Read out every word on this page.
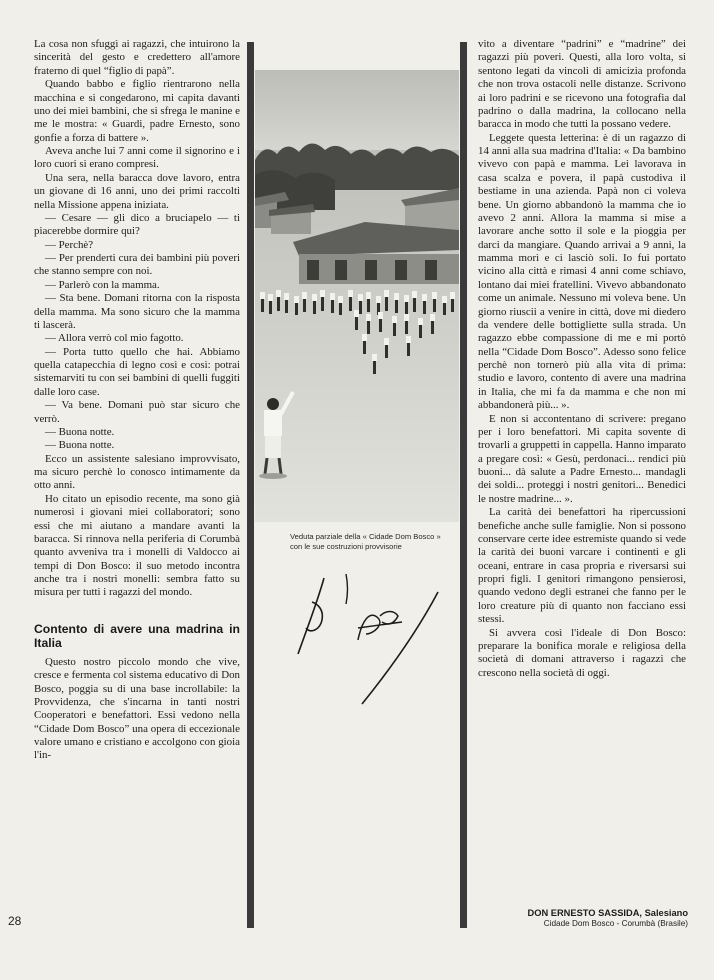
La cosa non sfuggì ai ragazzi, che intuirono la sincerità del gesto e credettero all'amore fraterno di quel “figlio di papà”.

Quando babbo e figlio rientrarono nella macchina e si congedarono, mi capita davanti uno dei miei bambini, che si sfrega le manine e me le mostra: « Guardi, padre Ernesto, sono gonfie a forza di battere ».

Aveva anche lui 7 anni come il signorino e i loro cuori si erano compresi.

Una sera, nella baracca dove lavoro, entra un giovane di 16 anni, uno dei primi raccolti nella Missione appena iniziata.

— Cesare — gli dico a bruciapelo — ti piacerebbe dormire qui?

— Perchè?

— Per prenderti cura dei bambini più poveri che stanno sempre con noi.

— Parlerò con la mamma.

— Sta bene. Domani ritorna con la risposta della mamma. Ma sono sicuro che la mamma ti lascerà.

— Allora verrò col mio fagotto.

— Porta tutto quello che hai. Abbiamo quella catapecchia di legno così e così: potrai sistemarviti tu con sei bambini di quelli fuggiti dalle loro case.

— Va bene. Domani può star sicuro che verrò.

— Buona notte.

— Buona notte.

Ecco un assistente salesiano improvvisato, ma sicuro perchè lo conosco intimamente da otto anni.

Ho citato un episodio recente, ma sono già numerosi i giovani miei collaboratori; sono essi che mi aiutano a mandare avanti la baracca. Si rinnova nella periferia di Corumbà quanto avveniva tra i monelli di Valdocco ai tempi di Don Bosco: il suo metodo incontra anche tra i nostri monelli: sembra fatto su misura per tutti i ragazzi del mondo.

Contento di avere una madrina in Italia

Questo nostro piccolo mondo che vive, cresce e fermenta col sistema educativo di Don Bosco, poggia su di una base incrollabile: la Provvidenza, che s'incarna in tanti nostri Cooperatori e benefattori. Essi vedono nella “Cidade Dom Bosco” una opera di eccezionale valore umano e cristiano e accolgono con gioia l'in-

Veduta parziale della « Cidade Dom Bosco » con le sue costruzioni provvisorie

vito a diventare “padrini” e “madrine” dei ragazzi più poveri. Questi, alla loro volta, si sentono legati da vincoli di amicizia profonda che non trova ostacoli nelle distanze. Scrivono ai loro padrini e se ricevono una fotografia dal padrino o dalla madrina, la collocano nella baracca in modo che tutti la possano vedere.

Leggete questa letterina: è di un ragazzo di 14 anni alla sua madrina d'Italia: « Da bambino vivevo con papà e mamma. Lei lavorava in casa scalza e povera, il papà custodiva il bestiame in una azienda. Papà non ci voleva bene. Un giorno abbandonò la mamma che io avevo 2 anni. Allora la mamma si mise a lavorare anche sotto il sole e la pioggia per darci da mangiare. Quando arrivai a 9 anni, la mamma morì e ci lasciò soli. Io fui portato vicino alla città e rimasi 4 anni come schiavo, lontano dai miei fratellini. Vivevo abbandonato come un animale. Nessuno mi voleva bene. Un giorno riuscii a venire in città, dove mi diedero da vendere delle bottigliette sulla strada. Un ragazzo ebbe compassione di me e mi portò nella “Cidade Dom Bosco”. Adesso sono felice perchè non tornerò più alla vita di prima: studio e lavoro, contento di avere una madrina in Italia, che mi fa da mamma e che non mi abbandonerà più... ».

E non si accontentano di scrivere: pregano per i loro benefattori. Mi capita sovente di trovarli a gruppetti in cappella. Hanno imparato a pregare così: « Gesù, perdonaci... rendici più buoni... dà salute a Padre Ernesto... mandagli dei soldi... proteggi i nostri genitori... Benedici le nostre madrine... ».

La carità dei benefattori ha ripercussioni benefiche anche sulle famiglie. Non si possono conservare certe idee estremiste quando si vede la carità dei buoni varcare i continenti e gli oceani, entrare in casa propria e riversarsi sui propri figli. I genitori rimangono pensierosi, quando vedono degli estranei che fanno per le loro creature più di quanto non facciano essi stessi.

Si avvera così l'ideale di Don Bosco: preparare la bonifica morale e religiosa della società di domani attraverso i ragazzi che crescono nella società di oggi.

DON ERNESTO SASSIDA, Salesiano
Cidade Dom Bosco - Corumbà (Brasile)
28
